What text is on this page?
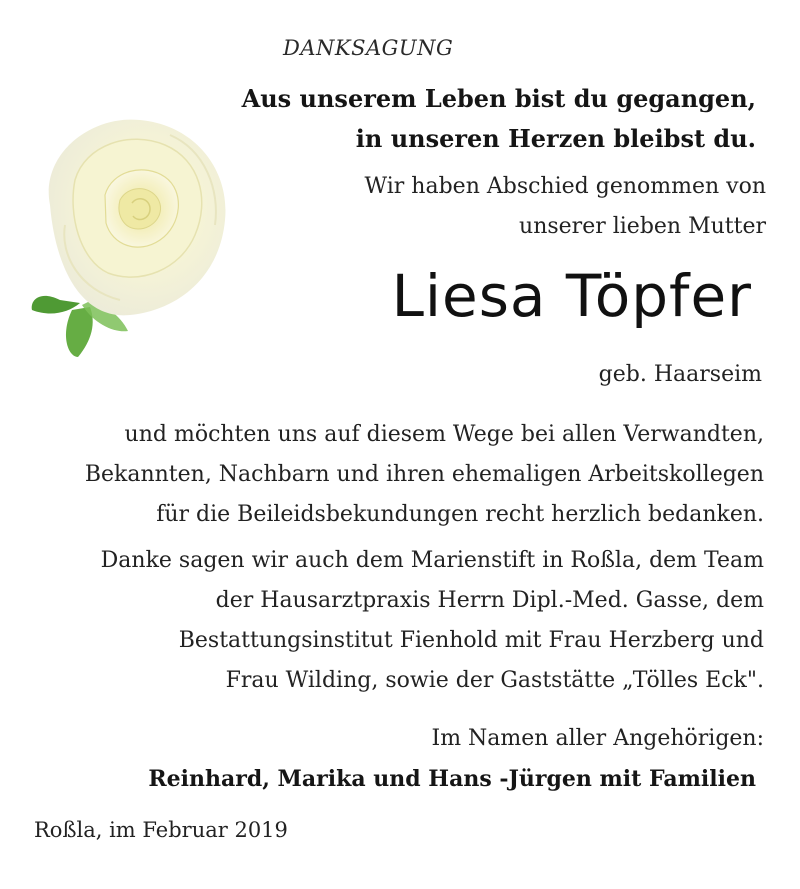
DANKSAGUNG

Aus unserem Leben bist du gegangen,

in unseren Herzen bleibst du.

Wir haben Abschied genommen von

unserer lieben Mutter

Liesa Töpfer

geb. Haarseim

und möchten uns auf diesem Wege bei allen Verwandten,

Bekannten, Nachbarn und ihren ehemaligen Arbeitskollegen

für die Beileidsbekundungen recht herzlich bedanken.

Danke sagen wir auch dem Marienstift in Roßla, dem Team

der Hausarztpraxis Herrn Dipl.-Med. Gasse, dem

Bestattungsinstitut Fienhold mit Frau Herzberg und

Frau Wilding, sowie der Gaststätte „Tölles Eck".

Im Namen aller Angehörigen:

Reinhard, Marika und Hans -Jürgen mit Familien

Roßla, im Februar 2019
